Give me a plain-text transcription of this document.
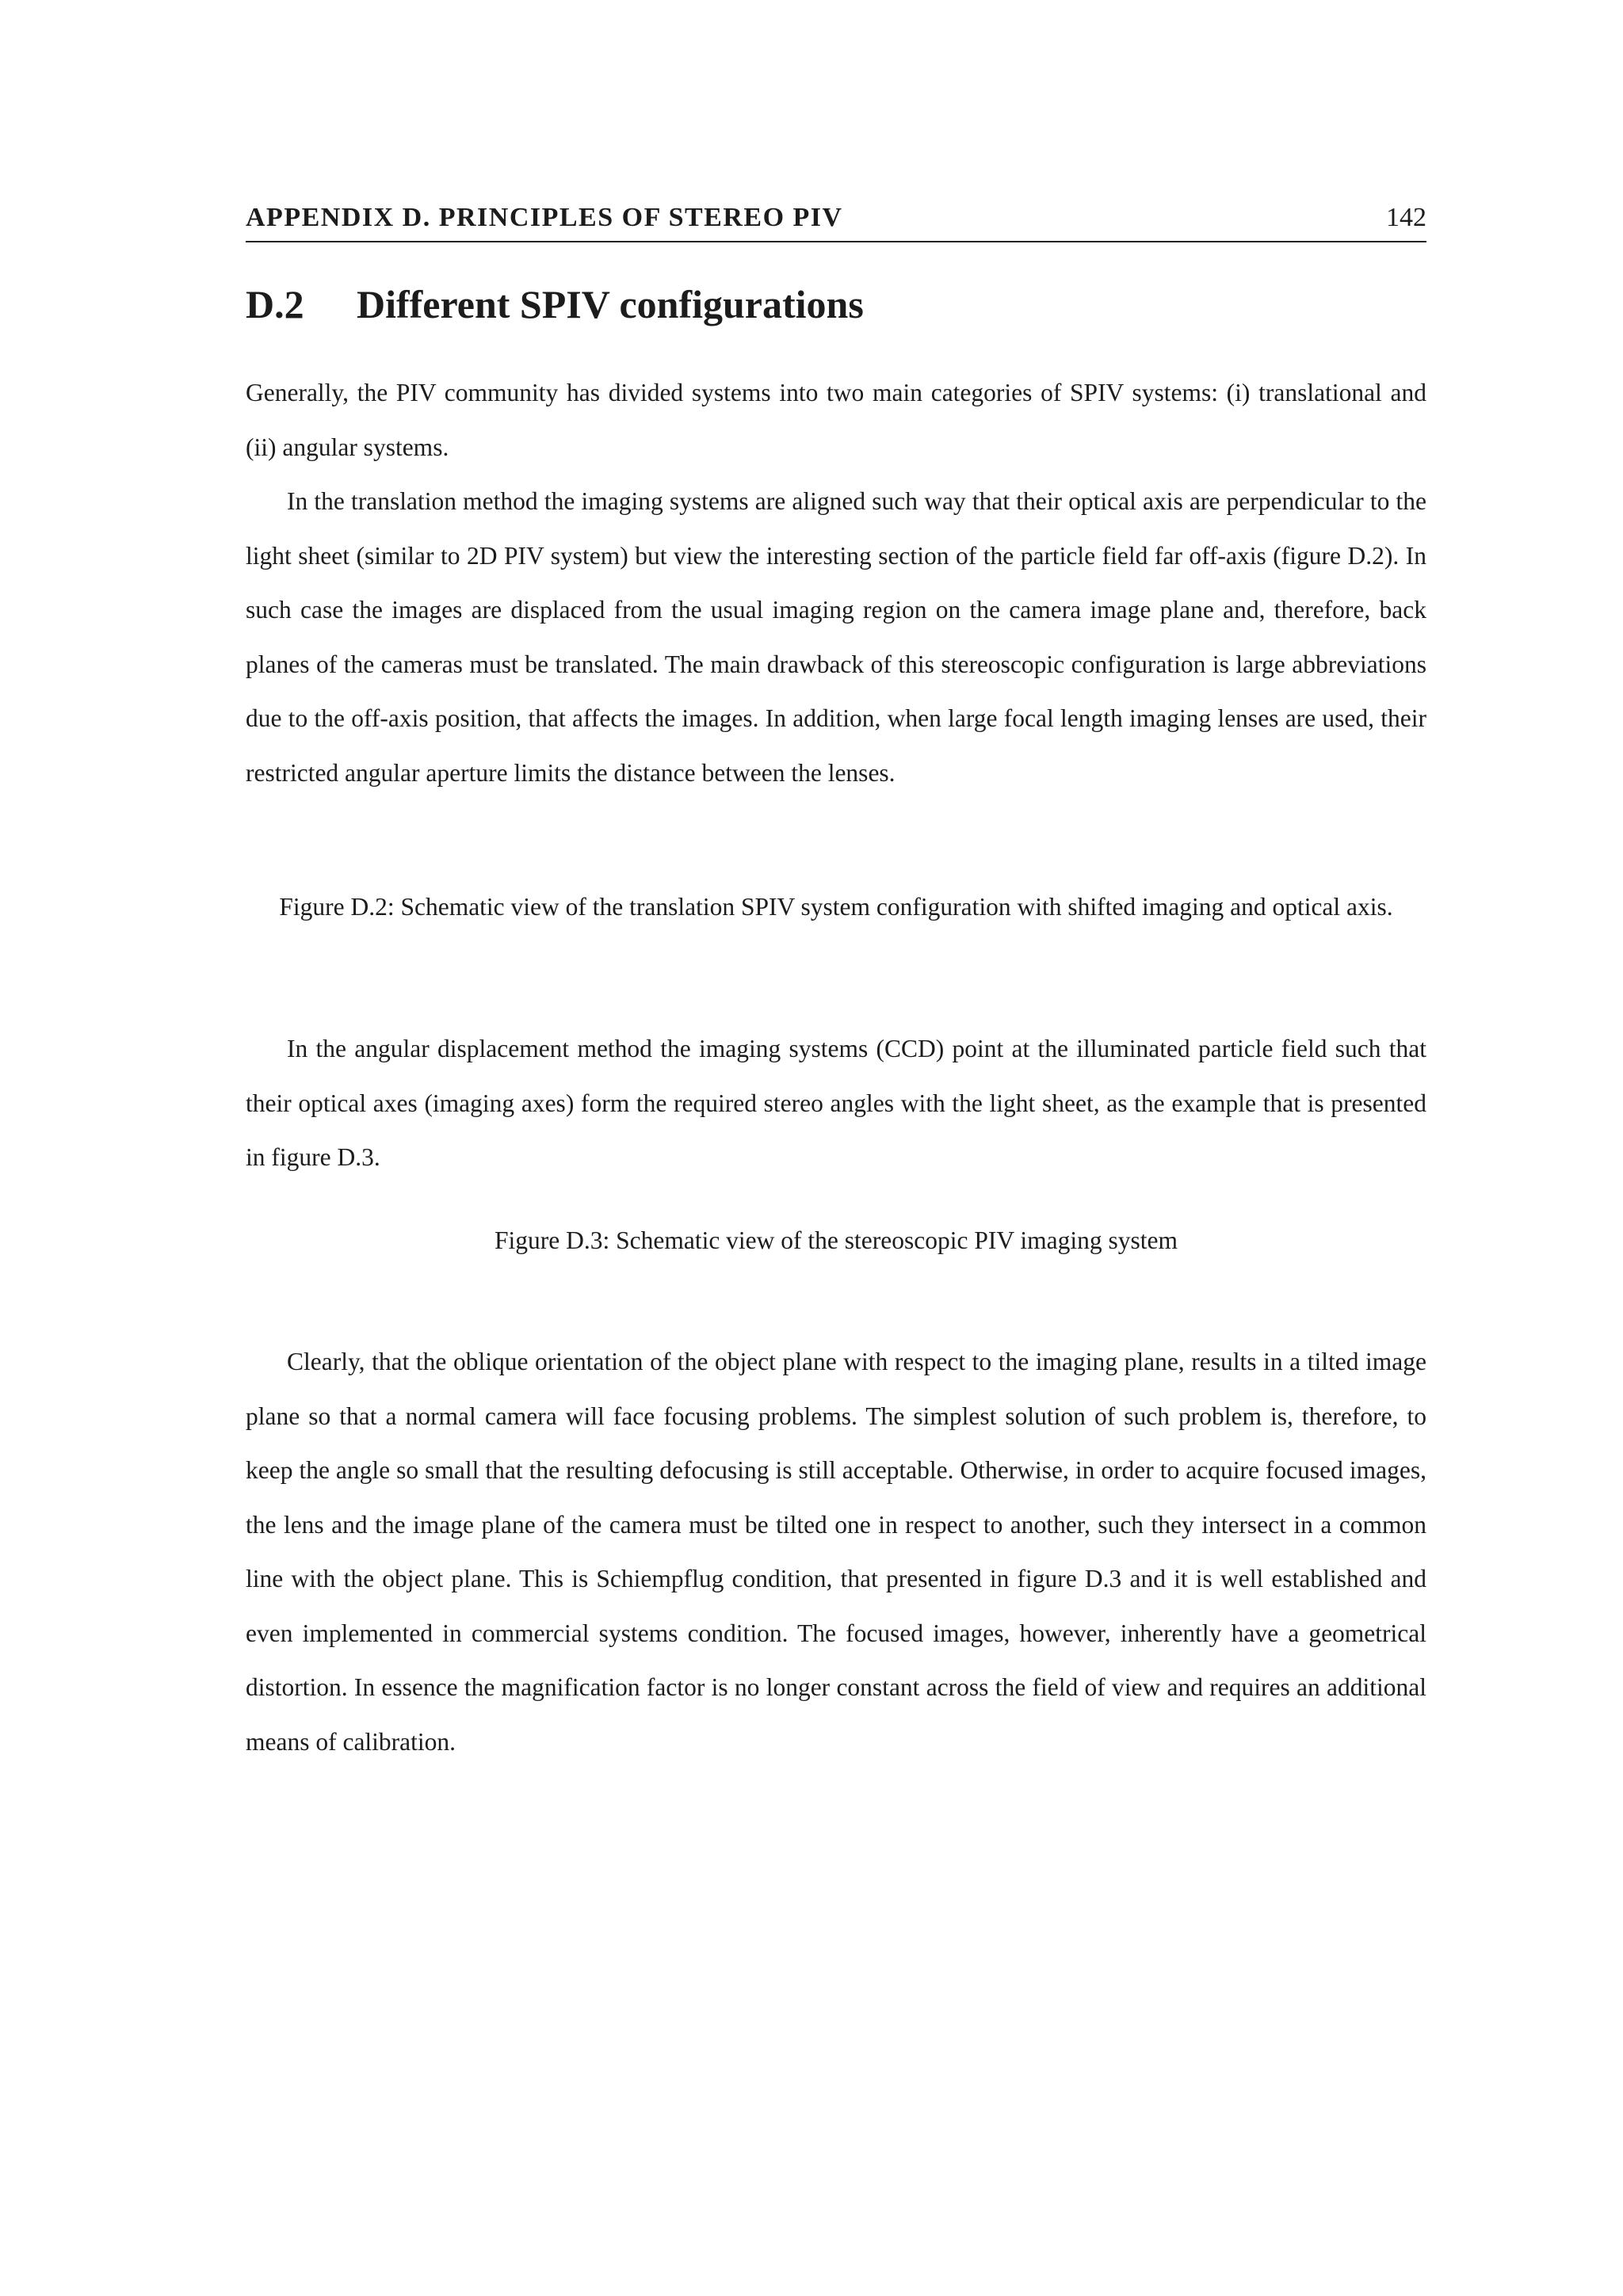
APPENDIX D. PRINCIPLES OF STEREO PIV	142
D.2 Different SPIV configurations

Generally, the PIV community has divided systems into two main categories of SPIV systems: (i) translational and (ii) angular systems.

In the translation method the imaging systems are aligned such way that their optical axis are perpendicular to the light sheet (similar to 2D PIV system) but view the interesting section of the particle field far off-axis (figure D.2). In such case the images are displaced from the usual imaging region on the camera image plane and, therefore, back planes of the cameras must be translated. The main drawback of this stereoscopic configuration is large abbreviations due to the off-axis position, that affects the images. In addition, when large focal length imaging lenses are used, their restricted angular aperture limits the distance between the lenses.

Figure D.2: Schematic view of the translation SPIV system configuration with shifted imaging and optical axis.

In the angular displacement method the imaging systems (CCD) point at the illuminated particle field such that their optical axes (imaging axes) form the required stereo angles with the light sheet, as the example that is presented in figure D.3.

Figure D.3: Schematic view of the stereoscopic PIV imaging system

Clearly, that the oblique orientation of the object plane with respect to the imaging plane, results in a tilted image plane so that a normal camera will face focusing problems. The simplest solution of such problem is, therefore, to keep the angle so small that the resulting defocusing is still acceptable. Otherwise, in order to acquire focused images, the lens and the image plane of the camera must be tilted one in respect to another, such they intersect in a common line with the object plane. This is Schiempflug condition, that presented in figure D.3 and it is well established and even implemented in commercial systems condition. The focused images, however, inherently have a geometrical distortion. In essence the magnification factor is no longer constant across the field of view and requires an additional means of calibration.
